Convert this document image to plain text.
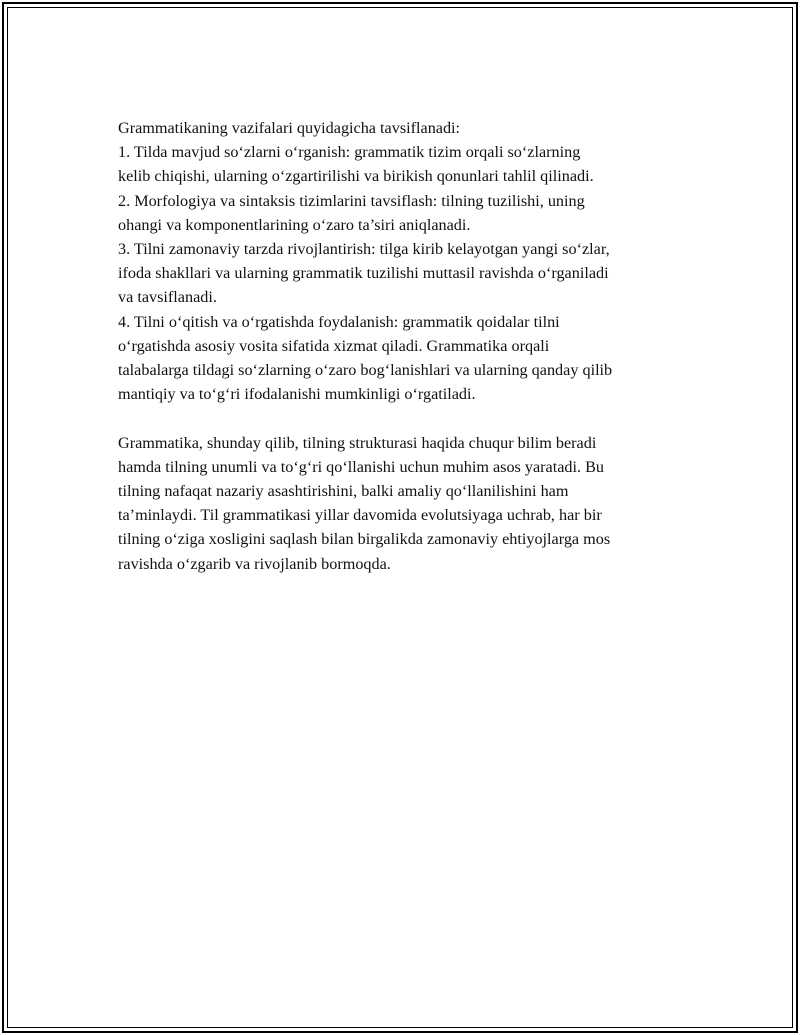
Grammatikaning vazifalari quyidagicha tavsiflanadi:

1. Tilda mavjud so‘zlarni o‘rganish: grammatik tizim orqali so‘zlarning

kelib chiqishi, ularning o‘zgartirilishi va birikish qonunlari tahlil qilinadi.

2. Morfologiya va sintaksis tizimlarini tavsiflash: tilning tuzilishi, uning

ohangi va komponentlarining o‘zaro ta’siri aniqlanadi.

3. Tilni zamonaviy tarzda rivojlantirish: tilga kirib kelayotgan yangi so‘zlar,

ifoda shakllari va ularning grammatik tuzilishi muttasil ravishda o‘rganiladi

va tavsiflanadi.

4. Tilni o‘qitish va o‘rgatishda foydalanish: grammatik qoidalar tilni

o‘rgatishda asosiy vosita sifatida xizmat qiladi. Grammatika orqali

talabalarga tildagi so‘zlarning o‘zaro bog‘lanishlari va ularning qanday qilib

mantiqiy va to‘g‘ri ifodalanishi mumkinligi o‘rgatiladi.

Grammatika, shunday qilib, tilning strukturasi haqida chuqur bilim beradi

hamda tilning unumli va to‘g‘ri qo‘llanishi uchun muhim asos yaratadi. Bu

tilning nafaqat nazariy asashtirishini, balki amaliy qo‘llanilishini ham

ta’minlaydi. Til grammatikasi yillar davomida evolutsiyaga uchrab, har bir

tilning o‘ziga xosligini saqlash bilan birgalikda zamonaviy ehtiyojlarga mos

ravishda o‘zgarib va rivojlanib bormoqda.
